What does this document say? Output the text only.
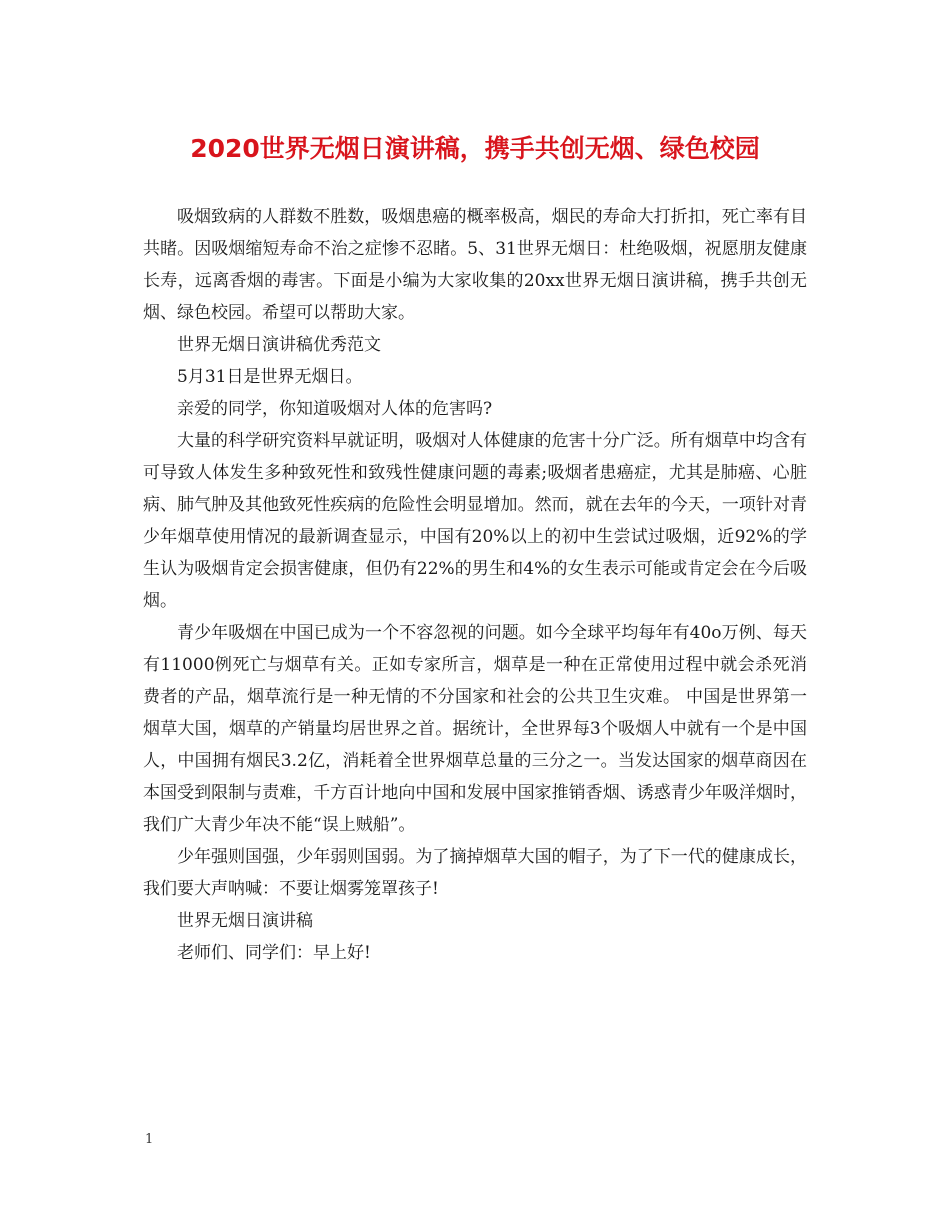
2020世界无烟日演讲稿，携手共创无烟、绿色校园

吸烟致病的人群数不胜数，吸烟患癌的概率极高，烟民的寿命大打折扣，死亡率有目共睹。因吸烟缩短寿命不治之症惨不忍睹。5、31世界无烟日：杜绝吸烟，祝愿朋友健康长寿，远离香烟的毒害。下面是小编为大家收集的20xx世界无烟日演讲稿，携手共创无烟、绿色校园。希望可以帮助大家。

世界无烟日演讲稿优秀范文

5月31日是世界无烟日。

亲爱的同学，你知道吸烟对人体的危害吗?

大量的科学研究资料早就证明，吸烟对人体健康的危害十分广泛。所有烟草中均含有可导致人体发生多种致死性和致残性健康问题的毒素;吸烟者患癌症，尤其是肺癌、心脏病、肺气肿及其他致死性疾病的危险性会明显增加。然而，就在去年的今天，一项针对青少年烟草使用情况的最新调查显示，中国有20%以上的初中生尝试过吸烟，近92%的学生认为吸烟肯定会损害健康，但仍有22%的男生和4%的女生表示可能或肯定会在今后吸烟。

青少年吸烟在中国已成为一个不容忽视的问题。如今全球平均每年有40o万例、每天有11000例死亡与烟草有关。正如专家所言，烟草是一种在正常使用过程中就会杀死消费者的产品，烟草流行是一种无情的不分国家和社会的公共卫生灾难。 中国是世界第一烟草大国，烟草的产销量均居世界之首。据统计，全世界每3个吸烟人中就有一个是中国人，中国拥有烟民3.2亿，消耗着全世界烟草总量的三分之一。当发达国家的烟草商因在本国受到限制与责难，千方百计地向中国和发展中国家推销香烟、诱惑青少年吸洋烟时，我们广大青少年决不能“误上贼船”。

少年强则国强，少年弱则国弱。为了摘掉烟草大国的帽子，为了下一代的健康成长，我们要大声呐喊：不要让烟雾笼罩孩子!

世界无烟日演讲稿

老师们、同学们：早上好!

1
